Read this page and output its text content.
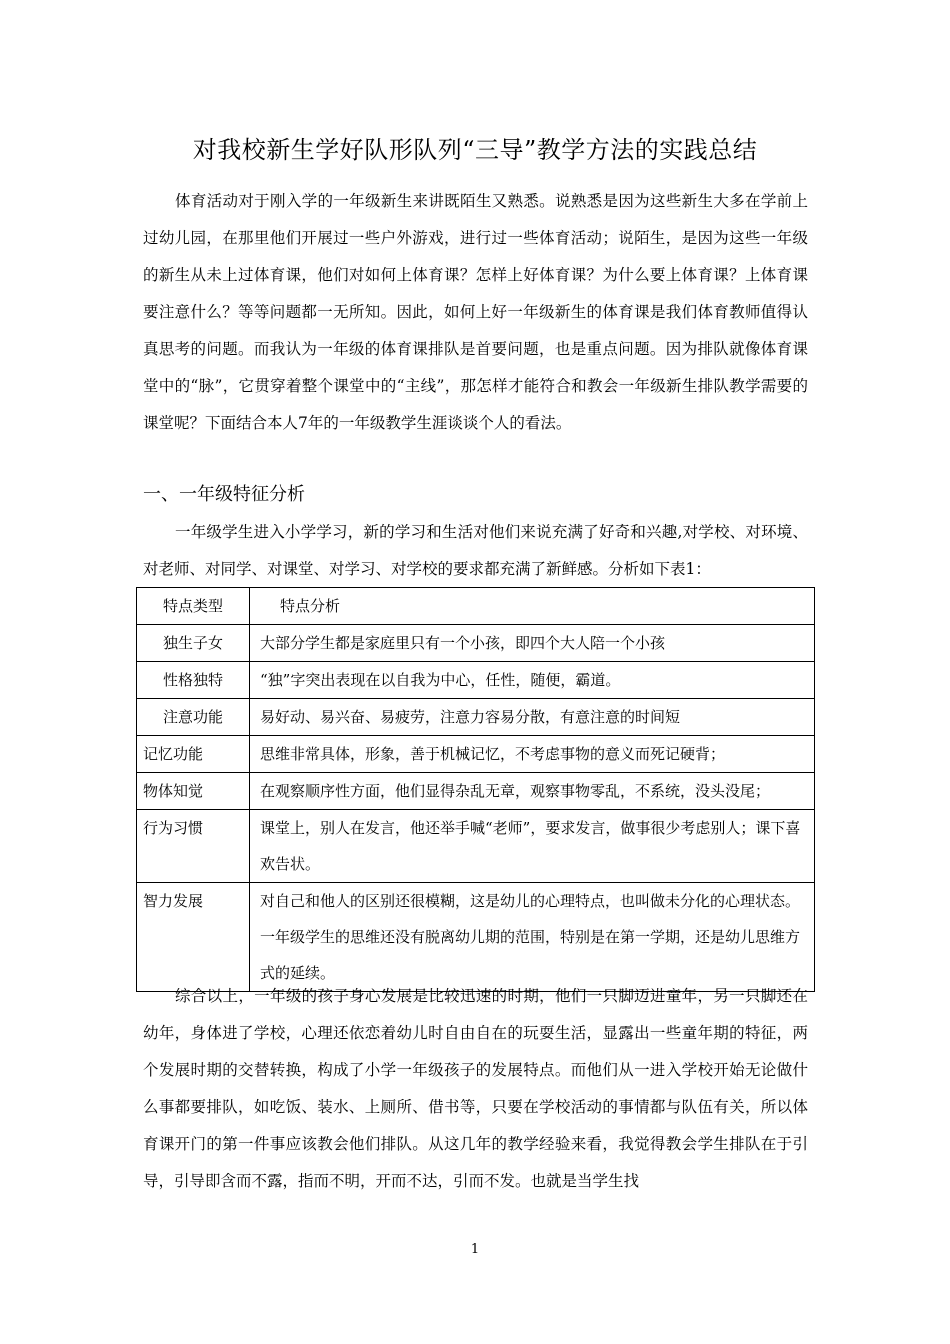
对我校新生学好队形队列“三导”教学方法的实践总结

体育活动对于刚入学的一年级新生来讲既陌生又熟悉。说熟悉是因为这些新生大多在学前上过幼儿园，在那里他们开展过一些户外游戏，进行过一些体育活动；说陌生，是因为这些一年级的新生从未上过体育课，他们对如何上体育课？怎样上好体育课？为什么要上体育课？上体育课要注意什么？等等问题都一无所知。因此，如何上好一年级新生的体育课是我们体育教师值得认真思考的问题。而我认为一年级的体育课排队是首要问题，也是重点问题。因为排队就像体育课堂中的“脉”，它贯穿着整个课堂中的“主线”，那怎样才能符合和教会一年级新生排队教学需要的课堂呢？下面结合本人7年的一年级教学生涯谈谈个人的看法。

一、一年级特征分析

一年级学生进入小学学习，新的学习和生活对他们来说充满了好奇和兴趣,对学校、对环境、对老师、对同学、对课堂、对学习、对学校的要求都充满了新鲜感。分析如下表1：

特点类型	特点分析
独生子女	大部分学生都是家庭里只有一个小孩，即四个大人陪一个小孩
性格独特	“独”字突出表现在以自我为中心，任性，随便，霸道。
注意功能	易好动、易兴奋、易疲劳，注意力容易分散，有意注意的时间短
记忆功能	思维非常具体，形象，善于机械记忆，不考虑事物的意义而死记硬背；
物体知觉	在观察顺序性方面，他们显得杂乱无章，观察事物零乱，不系统，没头没尾；
行为习惯	课堂上，别人在发言，他还举手喊“老师”，要求发言，做事很少考虑别人；课下喜欢告状。
智力发展	对自己和他人的区别还很模糊，这是幼儿的心理特点，也叫做未分化的心理状态。一年级学生的思维还没有脱离幼儿期的范围，特别是在第一学期，还是幼儿思维方式的延续。

综合以上，一年级的孩子身心发展是比较迅速的时期，他们一只脚迈进童年，另一只脚还在幼年，身体进了学校，心理还依恋着幼儿时自由自在的玩耍生活，显露出一些童年期的特征，两个发展时期的交替转换，构成了小学一年级孩子的发展特点。而他们从一进入学校开始无论做什么事都要排队，如吃饭、装水、上厕所、借书等，只要在学校活动的事情都与队伍有关，所以体育课开门的第一件事应该教会他们排队。从这几年的教学经验来看，我觉得教会学生排队在于引导，引导即含而不露，指而不明，开而不达，引而不发。也就是当学生找

1
